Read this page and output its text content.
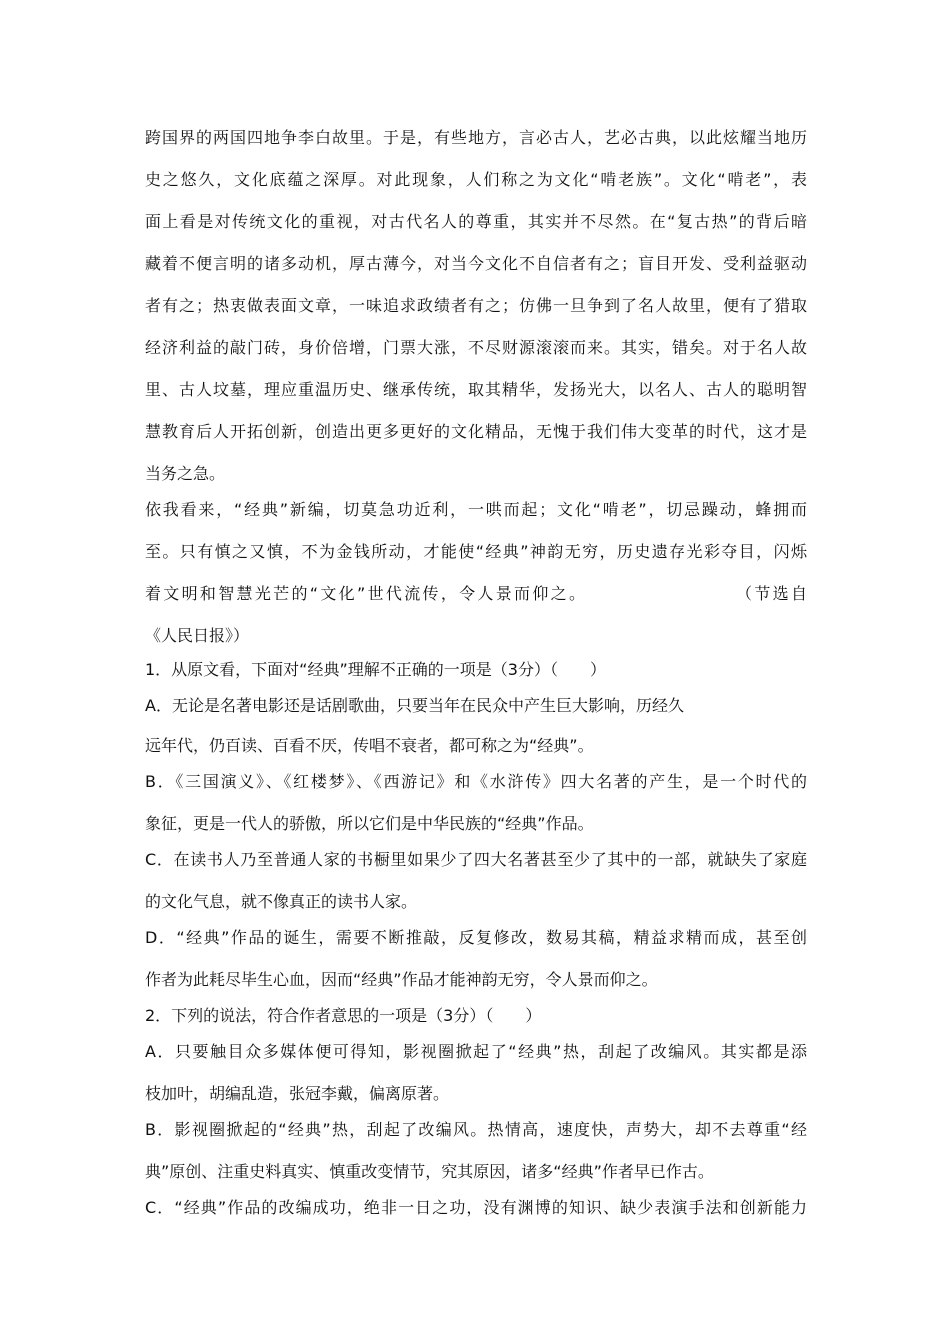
跨国界的两国四地争李白故里。于是，有些地方，言必古人，艺必古典，以此炫耀当地历
史之悠久，文化底蕴之深厚。对此现象，人们称之为文化“啃老族”。文化“啃老”，表
面上看是对传统文化的重视，对古代名人的尊重，其实并不尽然。在“复古热”的背后暗
藏着不便言明的诸多动机，厚古薄今，对当今文化不自信者有之；盲目开发、受利益驱动
者有之；热衷做表面文章，一味追求政绩者有之；仿佛一旦争到了名人故里，便有了猎取
经济利益的敲门砖，身价倍增，门票大涨，不尽财源滚滚而来。其实，错矣。对于名人故
里、古人坟墓，理应重温历史、继承传统，取其精华，发扬光大，以名人、古人的聪明智
慧教育后人开拓创新，创造出更多更好的文化精品，无愧于我们伟大变革的时代，这才是
当务之急。
依我看来，“经典”新编，切莫急功近利，一哄而起；文化“啃老”，切忌躁动，蜂拥而
至。只有慎之又慎，不为金钱所动，才能使“经典”神韵无穷，历史遗存光彩夺目，闪烁
着文明和智慧光芒的“文化”世代流传，令人景而仰之。　　　　　　　　　（节选自
《人民日报》）
1．从原文看，下面对“经典”理解不正确的一项是（3分）（　　）
A．无论是名著电影还是话剧歌曲，只要当年在民众中产生巨大影响，历经久
远年代，仍百读、百看不厌，传唱不衰者，都可称之为“经典”。
B．《三国演义》、《红楼梦》、《西游记》和《水浒传》四大名著的产生，是一个时代的
象征，更是一代人的骄傲，所以它们是中华民族的“经典”作品。
C．在读书人乃至普通人家的书橱里如果少了四大名著甚至少了其中的一部，就缺失了家庭
的文化气息，就不像真正的读书人家。
D．“经典”作品的诞生，需要不断推敲，反复修改，数易其稿，精益求精而成，甚至创
作者为此耗尽毕生心血，因而“经典”作品才能神韵无穷，令人景而仰之。
2．下列的说法，符合作者意思的一项是（3分）（　　）
A．只要触目众多媒体便可得知，影视圈掀起了“经典”热，刮起了改编风。其实都是添
枝加叶，胡编乱造，张冠李戴，偏离原著。
B．影视圈掀起的“经典”热，刮起了改编风。热情高，速度快，声势大，却不去尊重“经
典”原创、注重史料真实、慎重改变情节，究其原因，诸多“经典”作者早已作古。
C．“经典”作品的改编成功，绝非一日之功，没有渊博的知识、缺少表演手法和创新能力
